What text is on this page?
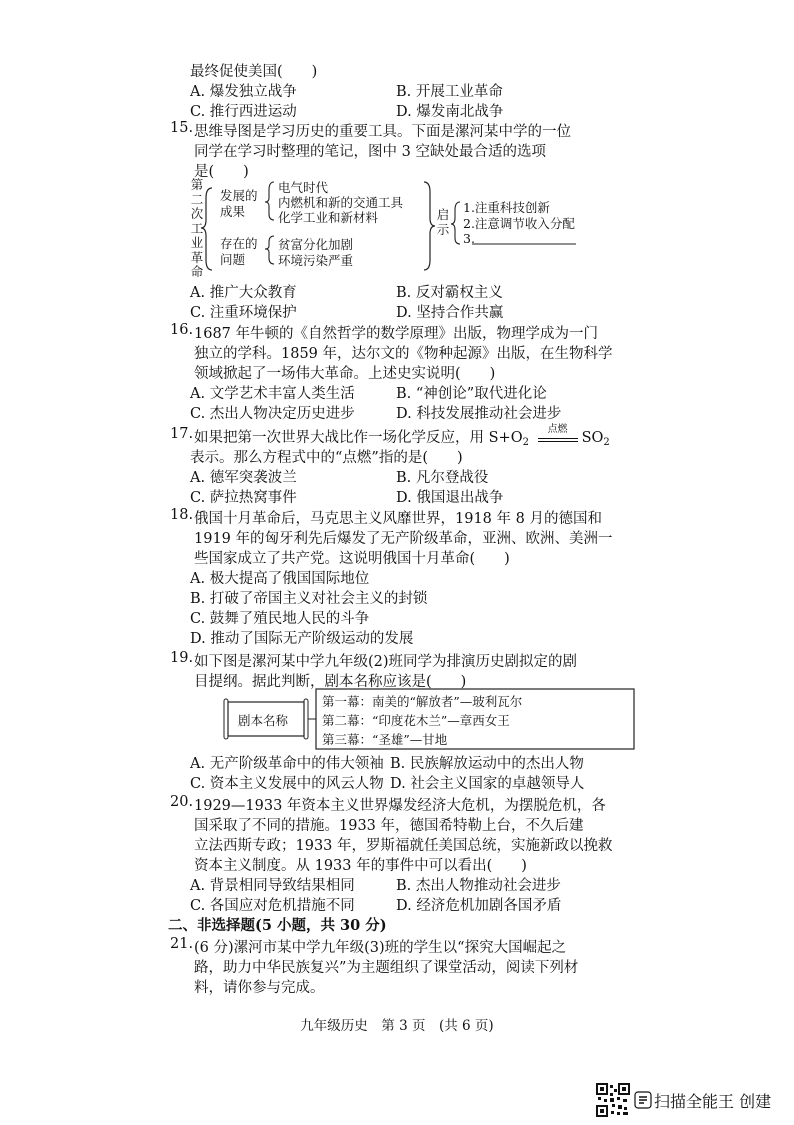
最终促使美国(　　)
A. 爆发独立战争	B. 开展工业革命
C. 推行西进运动	D. 爆发南北战争
15. 思维导图是学习历史的重要工具。下面是漯河某中学的一位
同学在学习时整理的笔记，图中 3 空缺处最合适的选项
是(　　)
第二次工业革命
发展的
成果
电气时代
内燃机和新的交通工具
化学工业和新材料
存在的
问题
贫富分化加剧
环境污染严重
启示
1.注重科技创新
2.注意调节收入分配
3.
A. 推广大众教育	B. 反对霸权主义
C. 注重环境保护	D. 坚持合作共赢
16. 1687 年牛顿的《自然哲学的数学原理》出版，物理学成为一门
独立的学科。1859 年，达尔文的《物种起源》出版，在生物科学
领域掀起了一场伟大革命。上述史实说明(　　)
A. 文学艺术丰富人类生活	B. “神创论”取代进化论
C. 杰出人物决定历史进步	D. 科技发展推动社会进步
17. 如果把第一次世界大战比作一场化学反应，用 $S+O_2$
点燃
$SO_2$
表示。那么方程式中的“点燃”指的是(　　)
A. 德军突袭波兰	B. 凡尔登战役
C. 萨拉热窝事件	D. 俄国退出战争
18. 俄国十月革命后，马克思主义风靡世界，1918 年 8 月的德国和
1919 年的匈牙利先后爆发了无产阶级革命，亚洲、欧洲、美洲一
些国家成立了共产党。这说明俄国十月革命(　　)
A. 极大提高了俄国国际地位
B. 打破了帝国主义对社会主义的封锁
C. 鼓舞了殖民地人民的斗争
D. 推动了国际无产阶级运动的发展
19. 如下图是漯河某中学九年级(2)班同学为排演历史剧拟定的剧
目提纲。据此判断，剧本名称应该是(　　)
剧本名称
第一幕：南美的“解放者”—玻利瓦尔
第二幕：“印度花木兰”—章西女王
第三幕：“圣雄”—甘地
A. 无产阶级革命中的伟大领袖 B. 民族解放运动中的杰出人物
C. 资本主义发展中的风云人物 D. 社会主义国家的卓越领导人
20. 1929—1933 年资本主义世界爆发经济大危机，为摆脱危机，各
国采取了不同的措施。1933 年，德国希特勒上台，不久后建
立法西斯专政；1933 年，罗斯福就任美国总统，实施新政以挽救
资本主义制度。从 1933 年的事件中可以看出(　　)
A. 背景相同导致结果相同	B. 杰出人物推动社会进步
C. 各国应对危机措施不同	D. 经济危机加剧各国矛盾
二、非选择题(5 小题，共 30 分)
21. (6 分)漯河市某中学九年级(3)班的学生以“探究大国崛起之
路，助力中华民族复兴”为主题组织了课堂活动，阅读下列材
料，请你参与完成。
九年级历史　第 3 页　(共 6 页)
扫描全能王 创建
